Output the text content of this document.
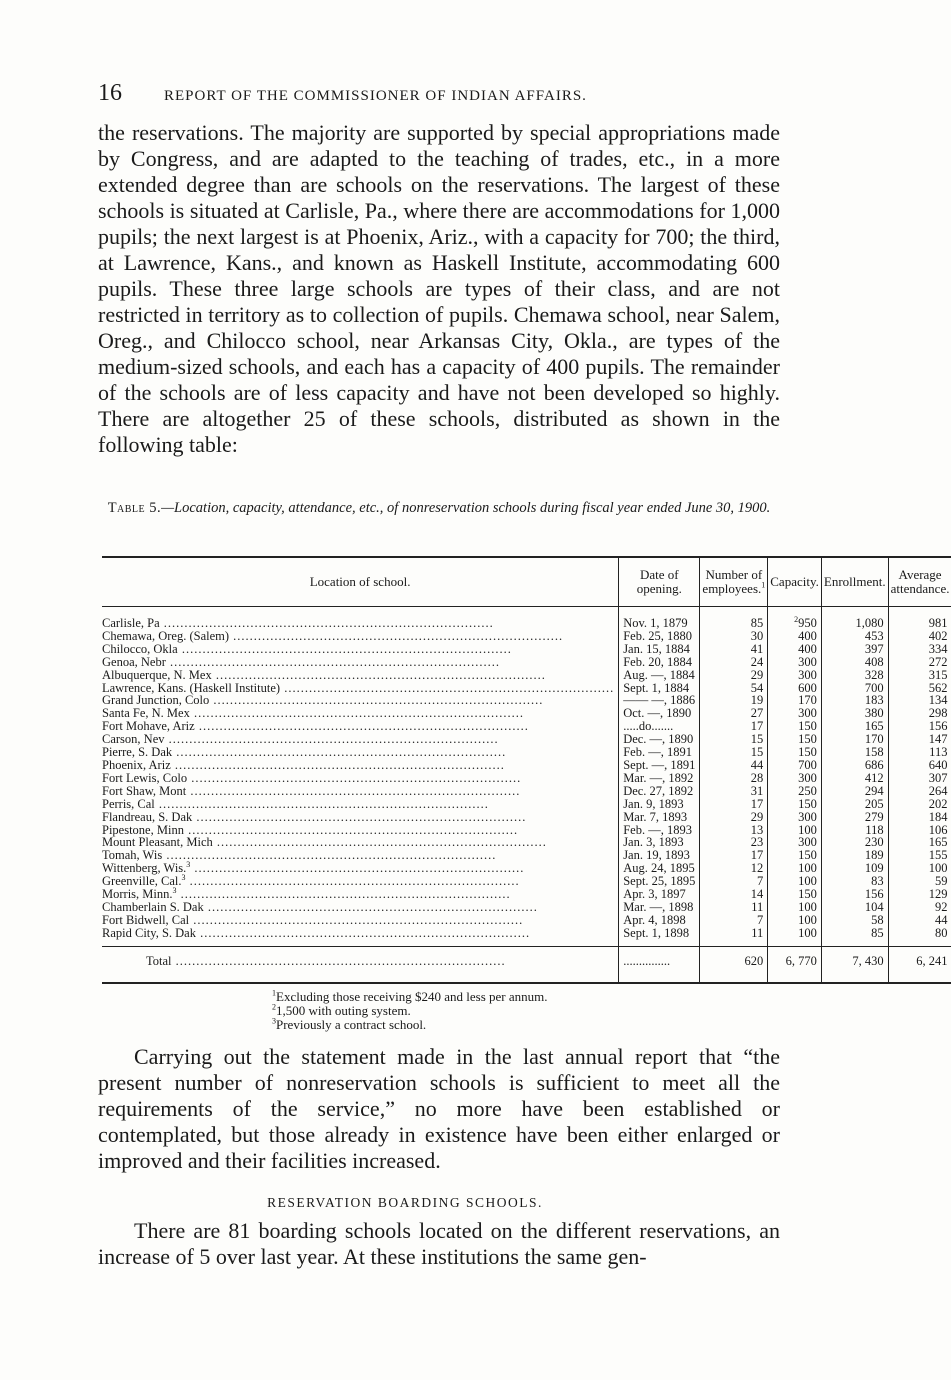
16	REPORT OF THE COMMISSIONER OF INDIAN AFFAIRS.

the reservations. The majority are supported by special appropriations made by Congress, and are adapted to the teaching of trades, etc., in a more extended degree than are schools on the reservations. The largest of these schools is situated at Carlisle, Pa., where there are accommodations for 1,000 pupils; the next largest is at Phoenix, Ariz., with a capacity for 700; the third, at Lawrence, Kans., and known as Haskell Institute, accommodating 600 pupils. These three large schools are types of their class, and are not restricted in territory as to collection of pupils. Chemawa school, near Salem, Oreg., and Chilocco school, near Arkansas City, Okla., are types of the medium-sized schools, and each has a capacity of 400 pupils. The remainder of the schools are of less capacity and have not been developed so highly. There are altogether 25 of these schools, distributed as shown in the following table:

Table 5.—Location, capacity, attendance, etc., of nonreservation schools during fiscal year ended June 30, 1900.
Location of school.	Date of opening.	Number of employees.$^1$	Capacity.	Enrollment.	Average attendance.
Carlisle, Pa .....	Nov. 1, 1879	85	$^2$950	1,080	981
Chemawa, Oreg. (Salem) .....	Feb. 25, 1880	30	400	453	402
Chilocco, Okla .....	Jan. 15, 1884	41	400	397	334
Genoa, Nebr .....	Feb. 20, 1884	24	300	408	272
Albuquerque, N. Mex .....	Aug. —, 1884	29	300	328	315
Lawrence, Kans. (Haskell Institute) .....	Sept. 1, 1884	54	600	700	562
Grand Junction, Colo .....	—— —, 1886	19	170	183	134
Santa Fe, N. Mex .....	Oct. —, 1890	27	300	380	298
Fort Mohave, Ariz .....	.....do.......	17	150	165	156
Carson, Nev .....	Dec. —, 1890	15	150	170	147
Pierre, S. Dak .....	Feb. —, 1891	15	150	158	113
Phoenix, Ariz .....	Sept. —, 1891	44	700	686	640
Fort Lewis, Colo .....	Mar. —, 1892	28	300	412	307
Fort Shaw, Mont .....	Dec. 27, 1892	31	250	294	264
Perris, Cal .....	Jan. 9, 1893	17	150	205	202
Flandreau, S. Dak .....	Mar. 7, 1893	29	300	279	184
Pipestone, Minn .....	Feb. —, 1893	13	100	118	106
Mount Pleasant, Mich .....	Jan. 3, 1893	23	300	230	165
Tomah, Wis .....	Jan. 19, 1893	17	150	189	155
Wittenberg, Wis.$^3$ .....	Aug. 24, 1895	12	100	109	100
Greenville, Cal.$^3$ .....	Sept. 25, 1895	7	100	83	59
Morris, Minn.$^3$ .....	Apr. 3, 1897	14	150	156	129
Chamberlain S. Dak .....	Mar. —, 1898	11	100	104	92
Fort Bidwell, Cal .....	Apr. 4, 1898	7	100	58	44
Rapid City, S. Dak .....	Sept. 1, 1898	11	100	85	80
Total .....	...............	620	6, 770	7, 430	6, 241
$^1$Excluding those receiving $240 and less per annum.
$^2$1,500 with outing system.
$^3$Previously a contract school.

Carrying out the statement made in the last annual report that “the present number of nonreservation schools is sufficient to meet all the requirements of the service,” no more have been established or contemplated, but those already in existence have been either enlarged or improved and their facilities increased.

RESERVATION BOARDING SCHOOLS.

There are 81 boarding schools located on the different reservations, an increase of 5 over last year. At these institutions the same gen-
